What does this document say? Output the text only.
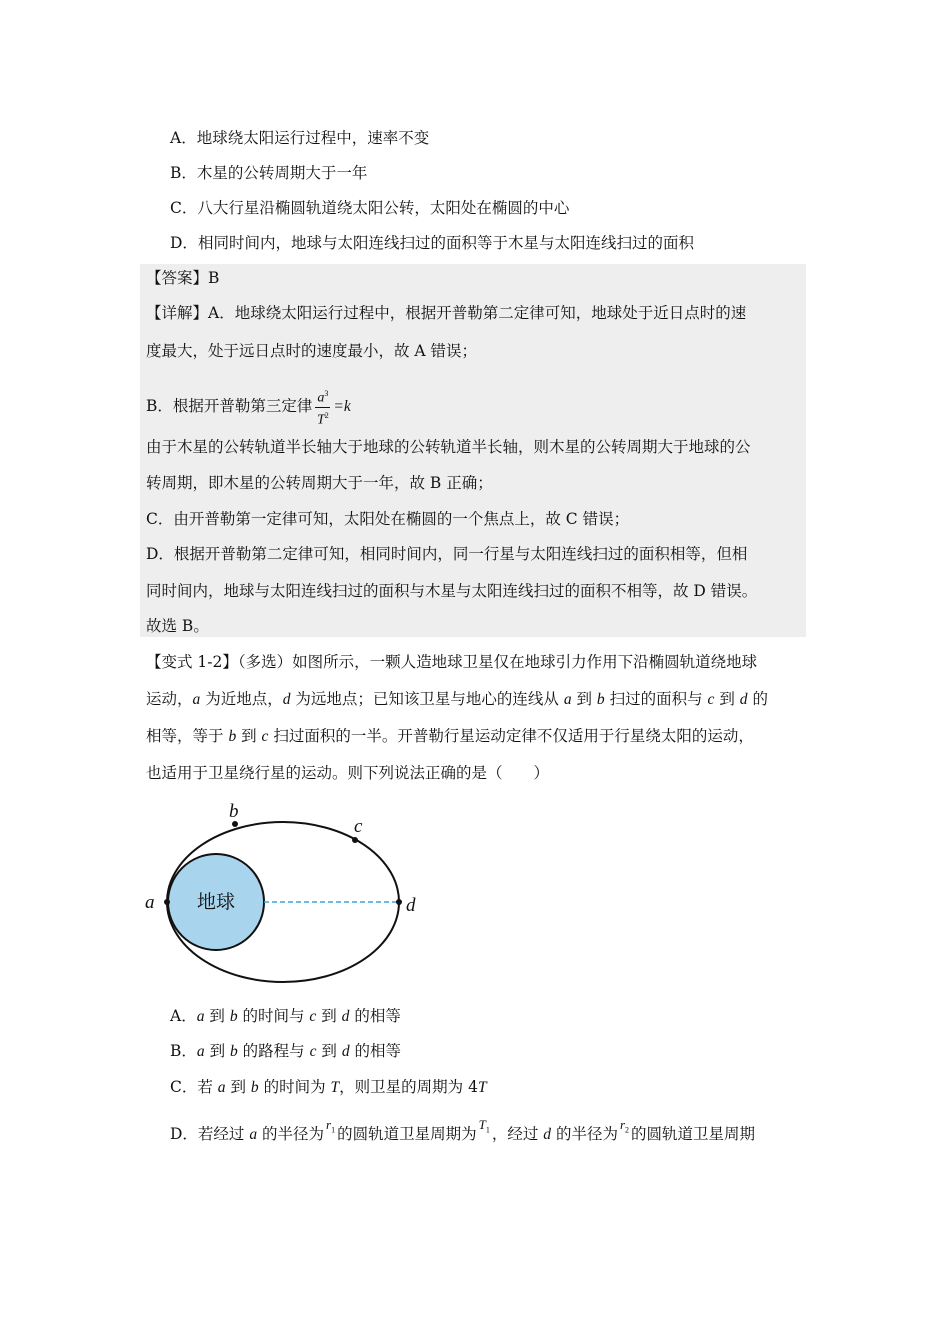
A．地球绕太阳运行过程中，速率不变
B．木星的公转周期大于一年
C．八大行星沿椭圆轨道绕太阳公转，太阳处在椭圆的中心
D．相同时间内，地球与太阳连线扫过的面积等于木星与太阳连线扫过的面积
【答案】B
【详解】A．地球绕太阳运行过程中，根据开普勒第二定律可知，地球处于近日点时的速
度最大，处于远日点时的速度最小，故 A 错误；
B．根据开普勒第三定律 $\frac{a^3}{T^2} =k$
由于木星的公转轨道半长轴大于地球的公转轨道半长轴，则木星的公转周期大于地球的公
转周期，即木星的公转周期大于一年，故 B 正确；
C．由开普勒第一定律可知，太阳处在椭圆的一个焦点上，故 C 错误；
D．根据开普勒第二定律可知，相同时间内，同一行星与太阳连线扫过的面积相等，但相
同时间内，地球与太阳连线扫过的面积与木星与太阳连线扫过的面积不相等，故 D 错误。
故选 B。
【变式 1-2】（多选）如图所示，一颗人造地球卫星仅在地球引力作用下沿椭圆轨道绕地球
运动，a 为近地点，d 为远地点；已知该卫星与地心的连线从 a 到 b 扫过的面积与 c 到 d 的
相等，等于 b 到 c 扫过面积的一半。开普勒行星运动定律不仅适用于行星绕太阳的运动，
也适用于卫星绕行星的运动。则下列说法正确的是（　　）
地球
a
b
c
d
A．a 到 b 的时间与 c 到 d 的相等
B．a 到 b 的路程与 c 到 d 的相等
C．若 a 到 b 的时间为 T，则卫星的周期为 4T
D．若经过 a 的半径为$r_1$ 的圆轨道卫星周期为$T_1$ ，经过 d 的半径为$r_2$ 的圆轨道卫星周期
